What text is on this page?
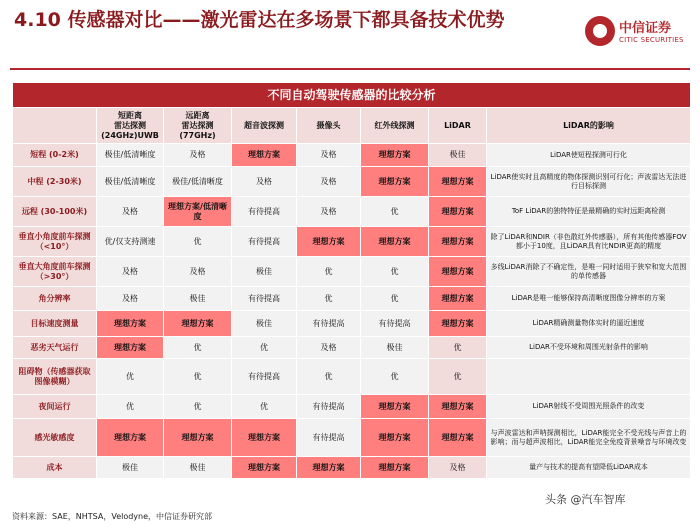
4.10 传感器对比——激光雷达在多场景下都具备技术优势	中信证券
CITIC SECURITIES
不同自动驾驶传感器的比较分析							
	短距离
雷达探测
(24GHz)UWB	远距离
雷达探测
(77GHz)	超音波探测	摄像头	红外线探测	LiDAR	LiDAR的影响
短程 (0-2米)	极佳/低清晰度	及格	理想方案	及格	理想方案	极佳	LiDAR使短程探测可行化
中程 (2-30米)	极佳/低清晰度	极佳/低清晰度	及格	及格	理想方案	理想方案	LiDAR使实时且高精度的物体探测识别可行化；声波雷达无法进行目标探测
远程 (30-100米)	及格	理想方案/低清晰度	有待提高	及格	优	理想方案	ToF LiDAR的独特特征是最精确的实时远距离检测
垂直小角度前车探测（<10°）	优/仅支持测速	优	有待提高	理想方案	理想方案	理想方案	除了LiDAR和NDIR（非色散红外传感器），所有其他传感器FOV都小于10度，且LiDAR具有比NDIR更高的精度
垂直大角度前车探测（>30°）	及格	及格	极佳	优	优	理想方案	多线LiDAR消除了不确定性，是唯一同时适用于狭窄和宽大范围的单传感器
角分辨率	及格	极佳	有待提高	优	优	理想方案	LiDAR是唯一能够保持高清晰度图像分辨率的方案
目标速度测量	理想方案	理想方案	极佳	有待提高	有待提高	理想方案	LiDAR精确测量物体实时的逼近速度
恶劣天气运行	理想方案	优	优	及格	极佳	优	LiDAR不受环境和周围光射条件的影响
阻碍物（传感器获取图像模糊）	优	优	有待提高	优	优	优	
夜间运行	优	优	优	有待提高	理想方案	理想方案	LiDAR射线不受周围光照条件的改变
感光敏感度	理想方案	理想方案	理想方案	有待提高	理想方案	理想方案	与声波雷达和声呐探测相比，LiDAR能完全不受光线与声音上的影响；而与超声波相比，LiDAR能完全免疫背景噪音与环境改变
成本	极佳	极佳	理想方案	理想方案	理想方案	及格	量产与技术的提高有望降低LiDAR成本
资料来源：SAE，NHTSA，Velodyne，中信证券研究部
头条 @汽车智库
